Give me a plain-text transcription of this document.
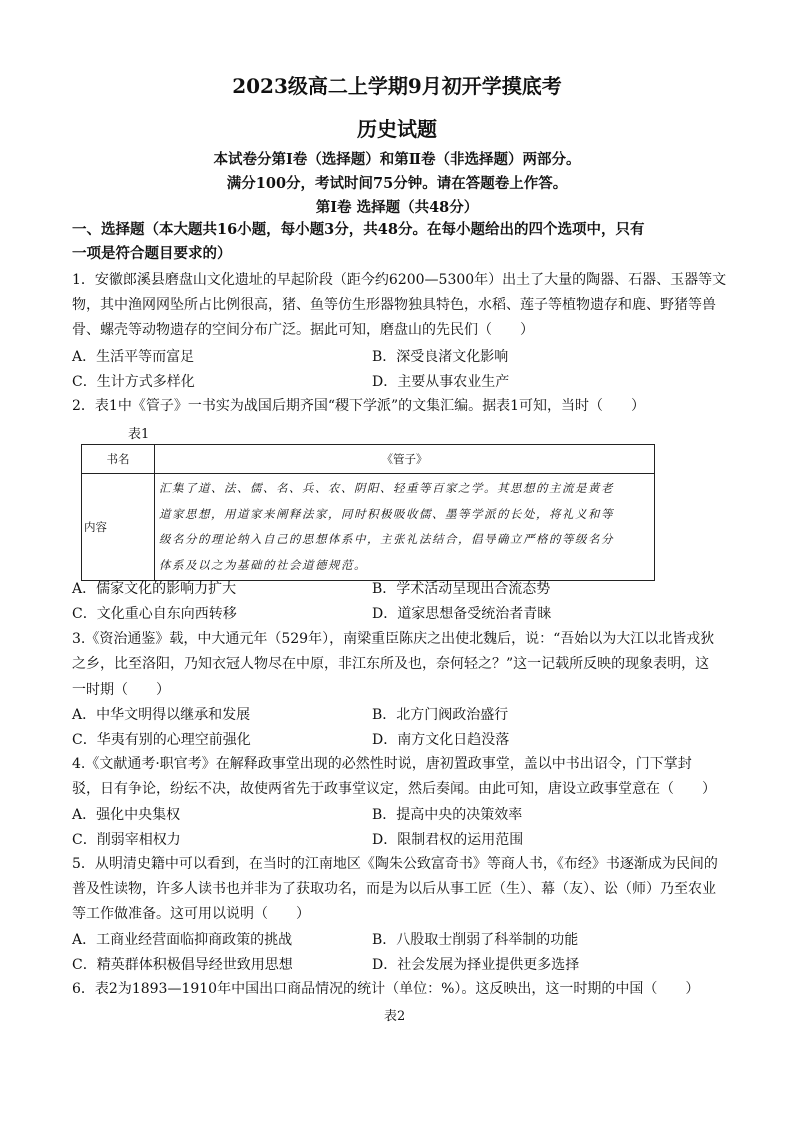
2023级高二上学期9月初开学摸底考
历史试题
本试卷分第Ⅰ卷（选择题）和第Ⅱ卷（非选择题）两部分。
满分100分，考试时间75分钟。请在答题卷上作答。
第Ⅰ卷 选择题（共48分）
一、选择题（本大题共16小题，每小题3分，共48分。在每小题给出的四个选项中，只有
一项是符合题目要求的）
1．安徽郎溪县磨盘山文化遗址的早起阶段（距今约6200—5300年）出土了大量的陶器、石器、玉器等文
物，其中渔网网坠所占比例很高，猪、鱼等仿生形器物独具特色，水稻、莲子等植物遗存和鹿、野猪等兽
骨、螺壳等动物遗存的空间分布广泛。据此可知，磨盘山的先民们（　　）
A．生活平等而富足	B．深受良渚文化影响
C．生计方式多样化	D．主要从事农业生产
2．表1中《管子》一书实为战国后期齐国“稷下学派”的文集汇编。据表1可知，当时（　　）
表1
书名	《管子》
内容	汇集了道、法、儒、名、兵、农、阴阳、轻重等百家之学。其思想的主流是黄老
道家思想，用道家来阐释法家，同时积极吸收儒、墨等学派的长处，将礼义和等
级名分的理论纳入自己的思想体系中，主张礼法结合，倡导确立严格的等级名分
体系及以之为基础的社会道德规范。
A．儒家文化的影响力扩大	B．学术活动呈现出合流态势
C．文化重心自东向西转移	D．道家思想备受统治者青睐
3.《资治通鉴》载，中大通元年（529年），南梁重臣陈庆之出使北魏后，说：“吾始以为大江以北皆戎狄
之乡，比至洛阳，乃知衣冠人物尽在中原，非江东所及也，奈何轻之？”这一记载所反映的现象表明，这
一时期（　　）
A．中华文明得以继承和发展	B．北方门阀政治盛行
C．华夷有别的心理空前强化	D．南方文化日趋没落
4.《文献通考·职官考》在解释政事堂出现的必然性时说，唐初置政事堂，盖以中书出诏令，门下掌封
驳，日有争论，纷纭不决，故使两省先于政事堂议定，然后奏闻。由此可知，唐设立政事堂意在（　　）
A．强化中央集权	B．提高中央的决策效率
C．削弱宰相权力	D．限制君权的运用范围
5．从明清史籍中可以看到，在当时的江南地区《陶朱公致富奇书》等商人书，《布经》书逐渐成为民间的
普及性读物，许多人读书也并非为了获取功名，而是为以后从事工匠（生）、幕（友）、讼（师）乃至农业
等工作做准备。这可用以说明（　　）
A．工商业经营面临抑商政策的挑战	B．八股取士削弱了科举制的功能
C．精英群体积极倡导经世致用思想	D．社会发展为择业提供更多选择
6．表2为1893—1910年中国出口商品情况的统计（单位：%）。这反映出，这一时期的中国（　　）
表2
